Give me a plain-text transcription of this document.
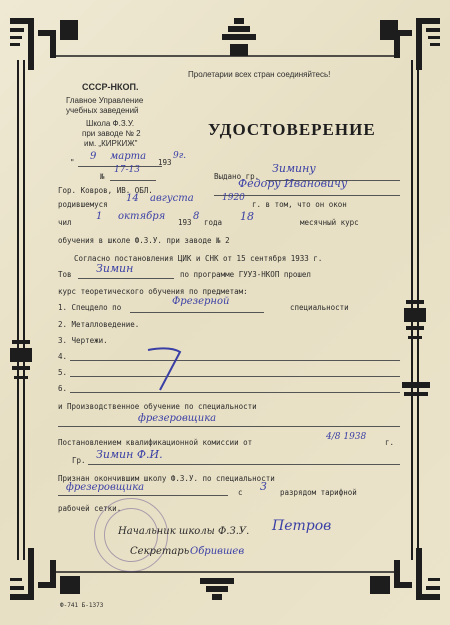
Пролетарии всех стран соединяйтесь!
СССР-НКОП.
Главное Управление
учебных заведений
Школа Ф.З.У.
при заводе № 2
им. „КИРКИЖ"
"
9 марта
193
9г.
№
17-13
Гор. Ковров, ИВ. ОБЛ.
УДОСТОВЕРЕНИЕ
Выдано гр.
Зимину
Федору Ивановичу
родившемуся
14 августа	1920
г. в том, что он окон
чил
1 октября
193
8
года 18	месячный курс
обучения в школе Ф.З.У. при заводе № 2
Согласно постановления ЦИК и СНК от 15 сентября 1933 г.
Тов Зимин	по программе ГУУЗ-НКОП прошел
курс теоретического обучения по предметам:
1. Спецдело по
Фрезерной
специальности
2. Металловедение.
3. Чертежи.
4.
5.
6.
и Производственное обучение по специальности
фрезеровщика
Постановлением квалификационной комиссии от
4/8 1938
г.
Гр. Зимин Ф.И.
Признан окончившим школу Ф.З.У. по специальности
фрезеровщика	с 3 разрядом тарифной
рабочей сетки.
Начальник школы Ф.З.У. Петров
Секретарь Обрившев
Ф-741 Б-1373
